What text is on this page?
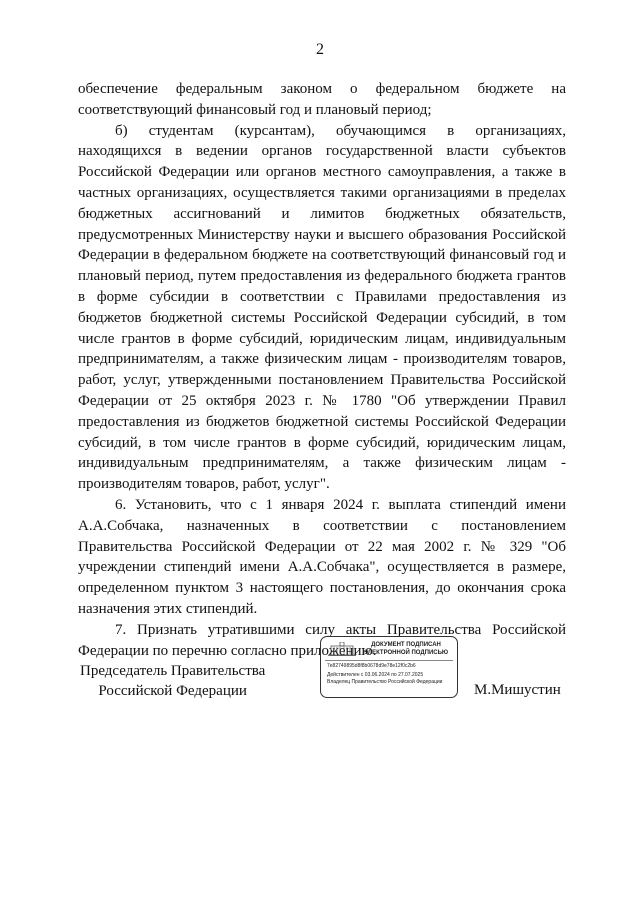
2

обеспечение федеральным законом о федеральном бюджете на соответствующий финансовый год и плановый период;

б) студентам (курсантам), обучающимся в организациях, находящихся в ведении органов государственной власти субъектов Российской Федерации или органов местного самоуправления, а также в частных организациях, осуществляется такими организациями в пределах бюджетных ассигнований и лимитов бюджетных обязательств, предусмотренных Министерству науки и высшего образования Российской Федерации в федеральном бюджете на соответствующий финансовый год и плановый период, путем предоставления из федерального бюджета грантов в форме субсидии в соответствии с Правилами предоставления из бюджетов бюджетной системы Российской Федерации субсидий, в том числе грантов в форме субсидий, юридическим лицам, индивидуальным предпринимателям, а также физическим лицам - производителям товаров, работ, услуг, утвержденными постановлением Правительства Российской Федерации от 25 октября 2023 г. № 1780 "Об утверждении Правил предоставления из бюджетов бюджетной системы Российской Федерации субсидий, в том числе грантов в форме субсидий, юридическим лицам, индивидуальным предпринимателям, а также физическим лицам - производителям товаров, работ, услуг".

6. Установить, что с 1 января 2024 г. выплата стипендий имени А.А.Собчака, назначенных в соответствии с постановлением Правительства Российской Федерации от 22 мая 2002 г. № 329 "Об учреждении стипендий имени А.А.Собчака", осуществляется в размере, определенном пунктом 3 настоящего постановления, до окончания срока назначения этих стипендий.

7. Признать утратившими силу акты Правительства Российской Федерации по перечню согласно приложению.

Председатель Правительства
Российской Федерации
ДОКУМЕНТ ПОДПИСАН
ЭЛЕКТРОННОЙ ПОДПИСЬЮ
7e82749895d8f8b0678d9e78e12f0c2b6
Действителен с 03.06.2024 по 27.07.2025
Владелец Правительство Российской Федерации	М.Мишустин
